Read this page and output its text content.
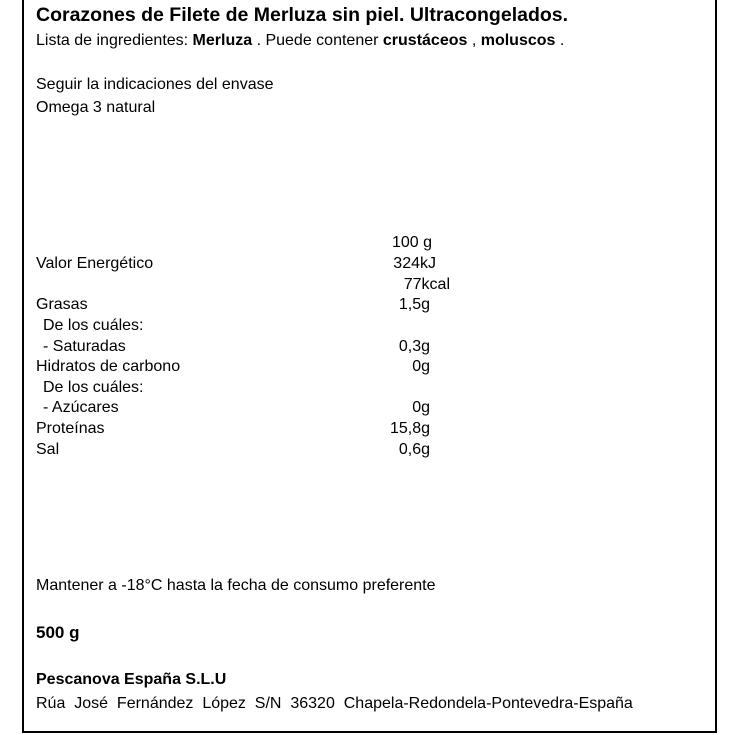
Corazones de Filete de Merluza sin piel. Ultracongelados.
Lista de ingredientes: Merluza . Puede contener crustáceos , moluscos .
Seguir la indicaciones del envase
Omega 3 natural
100 g
Valor Energético	324kJ
77kcal
Grasas	1,5g
De los cuáles:
- Saturadas	0,3g
Hidratos de carbono	0g
De los cuáles:
- Azúcares	0g
Proteínas	15,8g
Sal	0,6g
Mantener a -18°C hasta la fecha de consumo preferente
500 g
Pescanova España S.L.U
Rúa  José  Fernández  López  S/N  36320  Chapela-Redondela-Pontevedra-España
